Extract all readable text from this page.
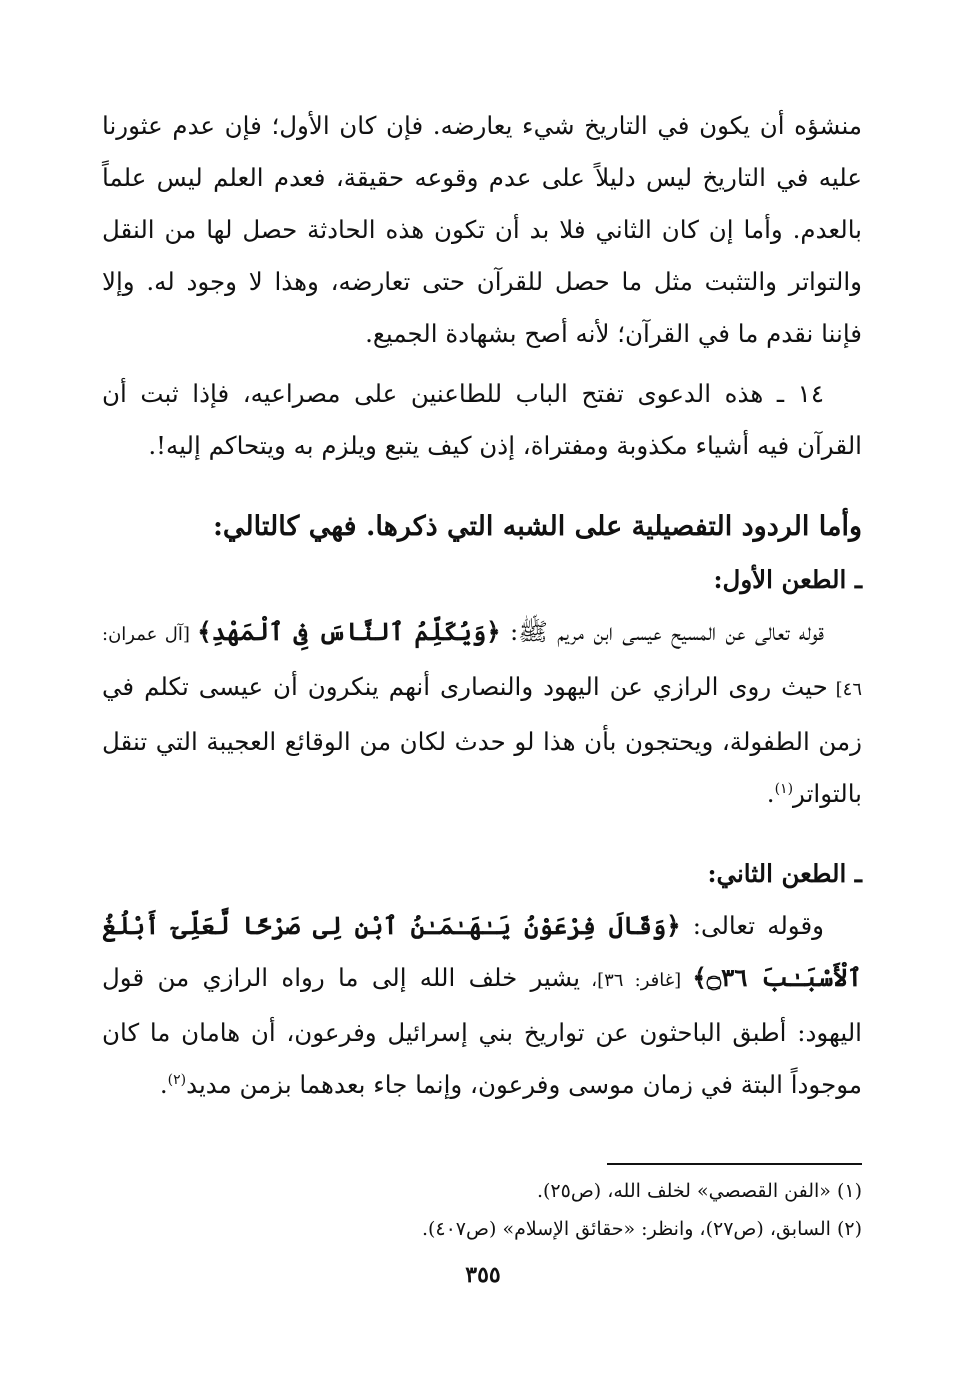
منشؤه أن يكون في التاريخ شيء يعارضه. فإن كان الأول؛ فإن عدم عثورنا عليه في التاريخ ليس دليلاً على عدم وقوعه حقيقة، فعدم العلم ليس علماً بالعدم. وأما إن كان الثاني فلا بد أن تكون هذه الحادثة حصل لها من النقل والتواتر والتثبت مثل ما حصل للقرآن حتى تعارضه، وهذا لا وجود له. وإلا فإننا نقدم ما في القرآن؛ لأنه أصح بشهادة الجميع.

١٤ ـ هذه الدعوى تفتح الباب للطاعنين على مصراعيه، فإذا ثبت أن القرآن فيه أشياء مكذوبة ومفتراة، إذن كيف يتبع ويلزم به ويتحاكم إليه!.

وأما الردود التفصيلية على الشبه التي ذكرها. فهي كالتالي:

ـ الطعن الأول:

قوله تعالى عن المسيح عيسى ابن مريم ﷺ: ﴿وَيُكَلِّمُ ٱلنَّاسَ فِى ٱلْمَهْدِ﴾ [آل عمران: ٤٦] حيث روى الرازي عن اليهود والنصارى أنهم ينكرون أن عيسى تكلم في زمن الطفولة، ويحتجون بأن هذا لو حدث لكان من الوقائع العجيبة التي تنقل بالتواتر$^{(١)}$.

ـ الطعن الثاني:

وقوله تعالى: ﴿وَقَالَ فِرْعَوْنُ يَـٰهَـٰمَـٰنُ ٱبْنِ لِى صَرْحًا لَّعَلِّىٓ أَبْلُغُ ٱلْأَسْبَـٰبَ ۝٣٦﴾ [غافر: ٣٦]، يشير خلف الله إلى ما رواه الرازي من قول اليهود: أطبق الباحثون عن تواريخ بني إسرائيل وفرعون، أن هامان ما كان موجوداً البتة في زمان موسى وفرعون، وإنما جاء بعدهما بزمن مديد$^{(٢)}$.

(١) «الفن القصصي» لخلف الله، (ص٢٥).

(٢) السابق، (ص٢٧)، وانظر: «حقائق الإسلام» (ص٤٠٧).

٣٥٥
